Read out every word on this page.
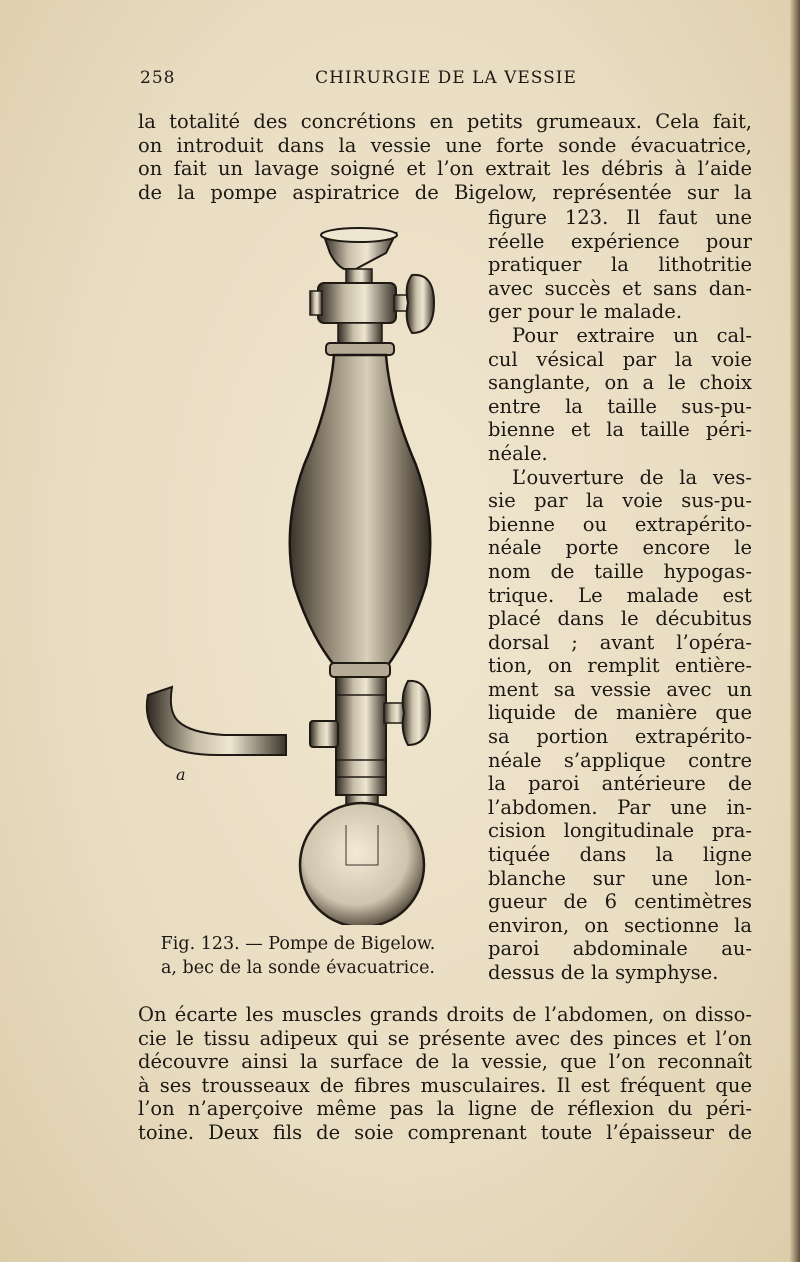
258	CHIRURGIE DE LA VESSIE
la totalité des concrétions en petits grumeaux. Cela fait,
on introduit dans la vessie une forte sonde évacuatrice,
on fait un lavage soigné et l’on extrait les débris à l’aide
de la pompe aspiratrice de Bigelow, représentée sur la
a
Fig. 123. — Pompe de Bigelow.
a, bec de la sonde évacuatrice.
figure 123. Il faut une
réelle expérience pour
pratiquer la lithotritie
avec succès et sans dan-
ger pour le malade.
Pour extraire un cal-
cul vésical par la voie
sanglante, on a le choix
entre la taille sus-pu-
bienne et la taille péri-
néale.
L’ouverture de la ves-
sie par la voie sus-pu-
bienne ou extrapérito-
néale porte encore le
nom de taille hypogas-
trique. Le malade est
placé dans le décubitus
dorsal ; avant l’opéra-
tion, on remplit entière-
ment sa vessie avec un
liquide de manière que
sa portion extrapérito-
néale s’applique contre
la paroi antérieure de
l’abdomen. Par une in-
cision longitudinale pra-
tiquée dans la ligne
blanche sur une lon-
gueur de 6 centimètres
environ, on sectionne la
paroi abdominale au-
dessus de la symphyse.
On écarte les muscles grands droits de l’abdomen, on disso-
cie le tissu adipeux qui se présente avec des pinces et l’on
découvre ainsi la surface de la vessie, que l’on reconnaît
à ses trousseaux de fibres musculaires. Il est fréquent que
l’on n’aperçoive même pas la ligne de réflexion du péri-
toine. Deux fils de soie comprenant toute l’épaisseur de
